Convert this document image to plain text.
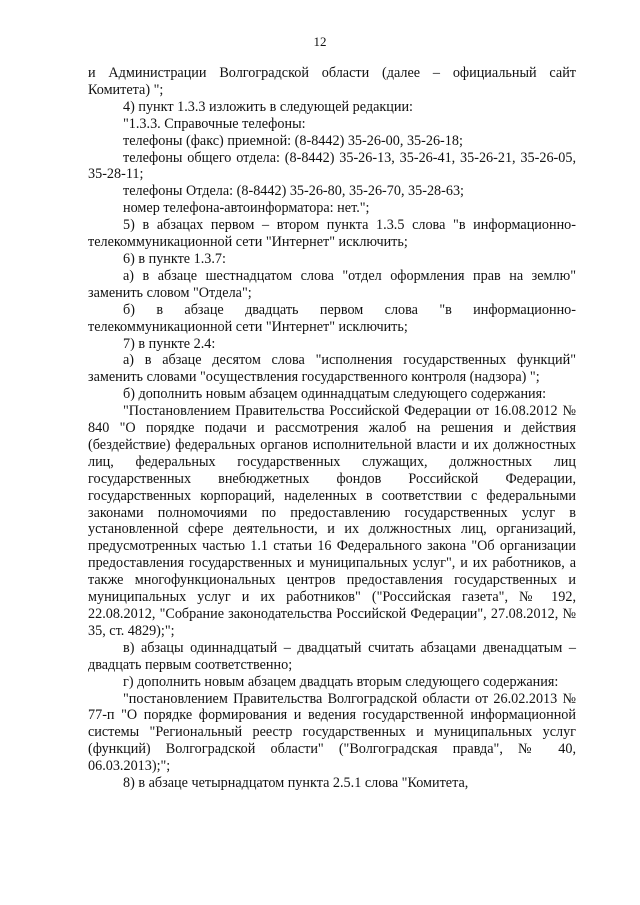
12

и Администрации Волгоградской области (далее – официальный сайт Комитета) ";

4) пункт 1.3.3 изложить в следующей редакции:

"1.3.3. Справочные телефоны:

телефоны (факс) приемной: (8-8442) 35-26-00, 35-26-18;

телефоны общего отдела: (8-8442) 35-26-13, 35-26-41, 35-26-21, 35-26-05, 35-28-11;

телефоны Отдела: (8-8442) 35-26-80, 35-26-70, 35-28-63;

номер телефона-автоинформатора: нет.";

5) в абзацах первом – втором пункта 1.3.5 слова "в информационно-телекоммуникационной сети "Интернет" исключить;

6) в пункте 1.3.7:

а) в абзаце шестнадцатом слова "отдел оформления прав на землю" заменить словом "Отдела";

б) в абзаце двадцать первом слова "в информационно-телекоммуникационной сети "Интернет" исключить;

7) в пункте 2.4:

а) в абзаце десятом слова "исполнения государственных функций" заменить словами "осуществления государственного контроля (надзора) ";

б) дополнить новым абзацем одиннадцатым следующего содержания:

"Постановлением Правительства Российской Федерации от 16.08.2012 № 840 "О порядке подачи и рассмотрения жалоб на решения и действия (бездействие) федеральных органов исполнительной власти и их должностных лиц, федеральных государственных служащих, должностных лиц государственных внебюджетных фондов Российской Федерации, государственных корпораций, наделенных в соответствии с федеральными законами полномочиями по предоставлению государственных услуг в установленной сфере деятельности, и их должностных лиц, организаций, предусмотренных частью 1.1 статьи 16 Федерального закона "Об организации предоставления государственных и муниципальных услуг", и их работников, а также многофункциональных центров предоставления государственных и муниципальных услуг и их работников" ("Российская газета", № 192, 22.08.2012, "Собрание законодательства Российской Федерации", 27.08.2012, № 35, ст. 4829);";

в) абзацы одиннадцатый – двадцатый считать абзацами двенадцатым – двадцать первым соответственно;

г) дополнить новым абзацем двадцать вторым следующего содержания:

"постановлением Правительства Волгоградской области от 26.02.2013 № 77-п "О порядке формирования и ведения государственной информационной системы "Региональный реестр государственных и муниципальных услуг (функций) Волгоградской области" ("Волгоградская правда", № 40, 06.03.2013);";

8) в абзаце четырнадцатом пункта 2.5.1 слова "Комитета,
